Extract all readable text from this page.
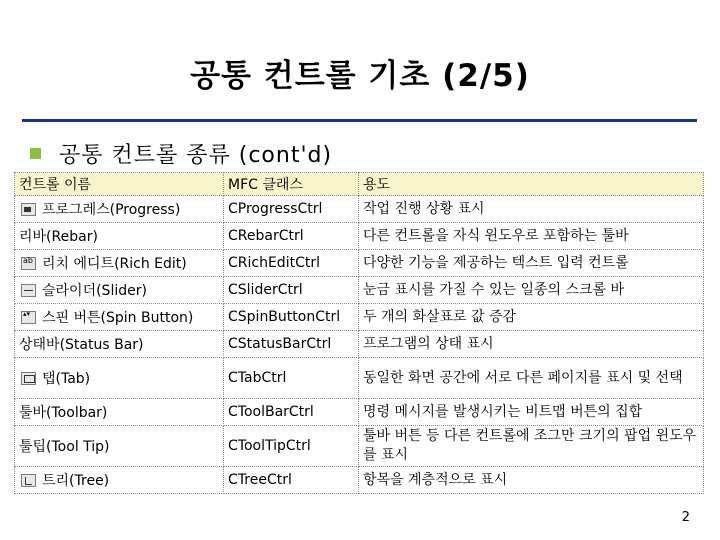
공통 컨트롤 기초 (2/5)
공통 컨트롤 종류 (cont'd)
컨트롤 이름	MFC 클래스	용도

프로그레스(Progress)	CProgressCtrl	작업 진행 상황 표시
리바(Rebar)	CRebarCtrl	다른 컨트롤을 자식 윈도우로 포함하는 툴바

ab
리치 에디트(Rich Edit)	CRichEditCtrl	다양한 기능을 제공하는 텍스트 입력 컨트롤

슬라이더(Slider)	CSliderCtrl	눈금 표시를 가질 수 있는 일종의 스크롤 바

▴▾
스핀 버튼(Spin Button)	CSpinButtonCtrl	두 개의 화살표로 값 증감
상태바(Status Bar)	CStatusBarCtrl	프로그램의 상태 표시

탭(Tab)	CTabCtrl	동일한 화면 공간에 서로 다른 페이지를 표시 및 선택
툴바(Toolbar)	CToolBarCtrl	명령 메시지를 발생시키는 비트맵 버튼의 집합
툴팁(Tool Tip)	CToolTipCtrl	툴바 버튼 등 다른 컨트롤에 조그만 크기의 팝업 윈도우를 표시

트리(Tree)	CTreeCtrl	항목을 계층적으로 표시
2
